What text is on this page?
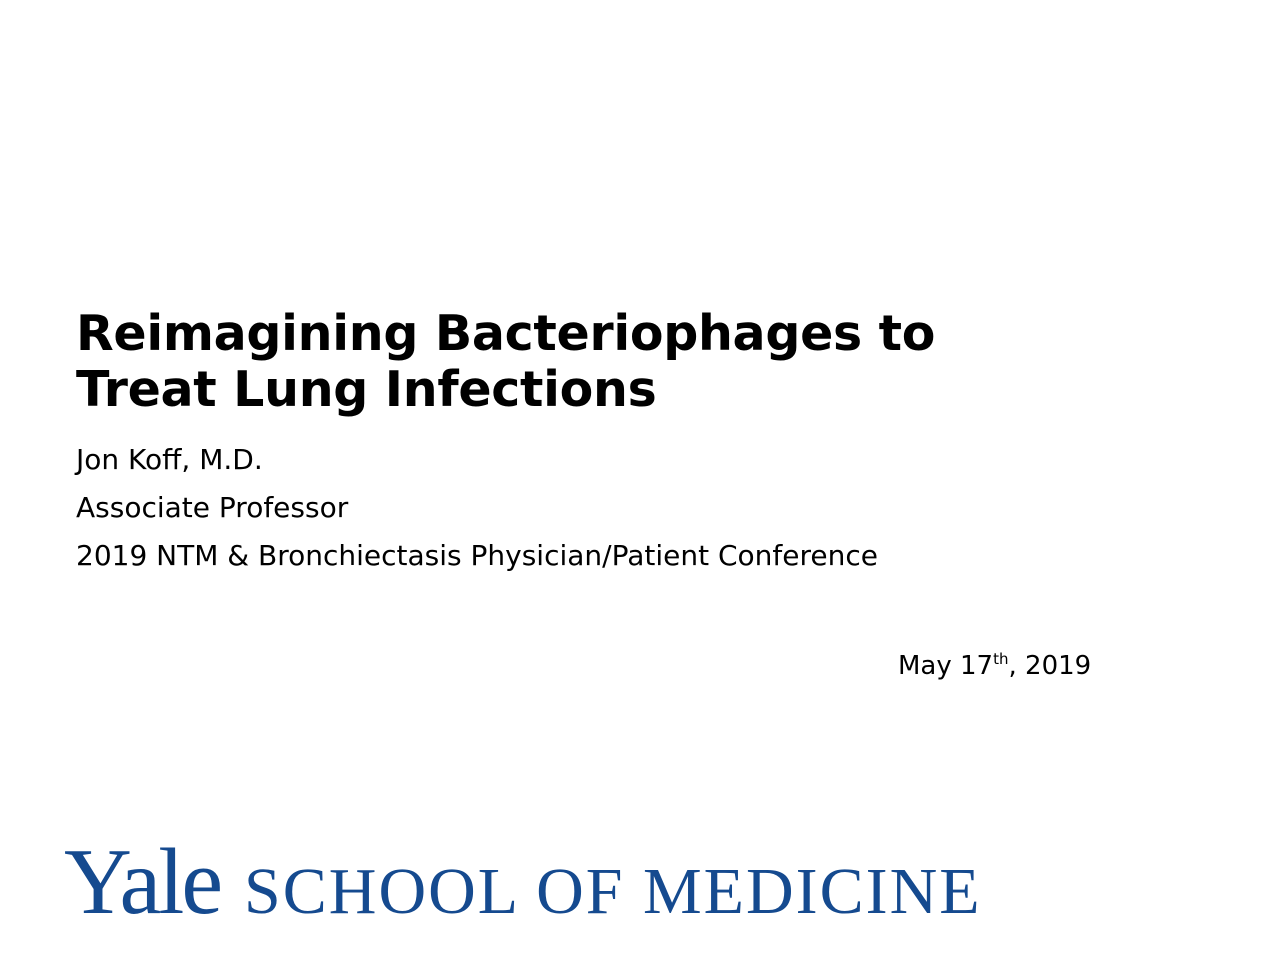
Reimagining Bacteriophages to
Treat Lung Infections
Jon Koff, M.D.
Associate Professor
2019 NTM & Bronchiectasis Physician/Patient Conference
May 17th, 2019
Yale SCHOOL OF MEDICINE
